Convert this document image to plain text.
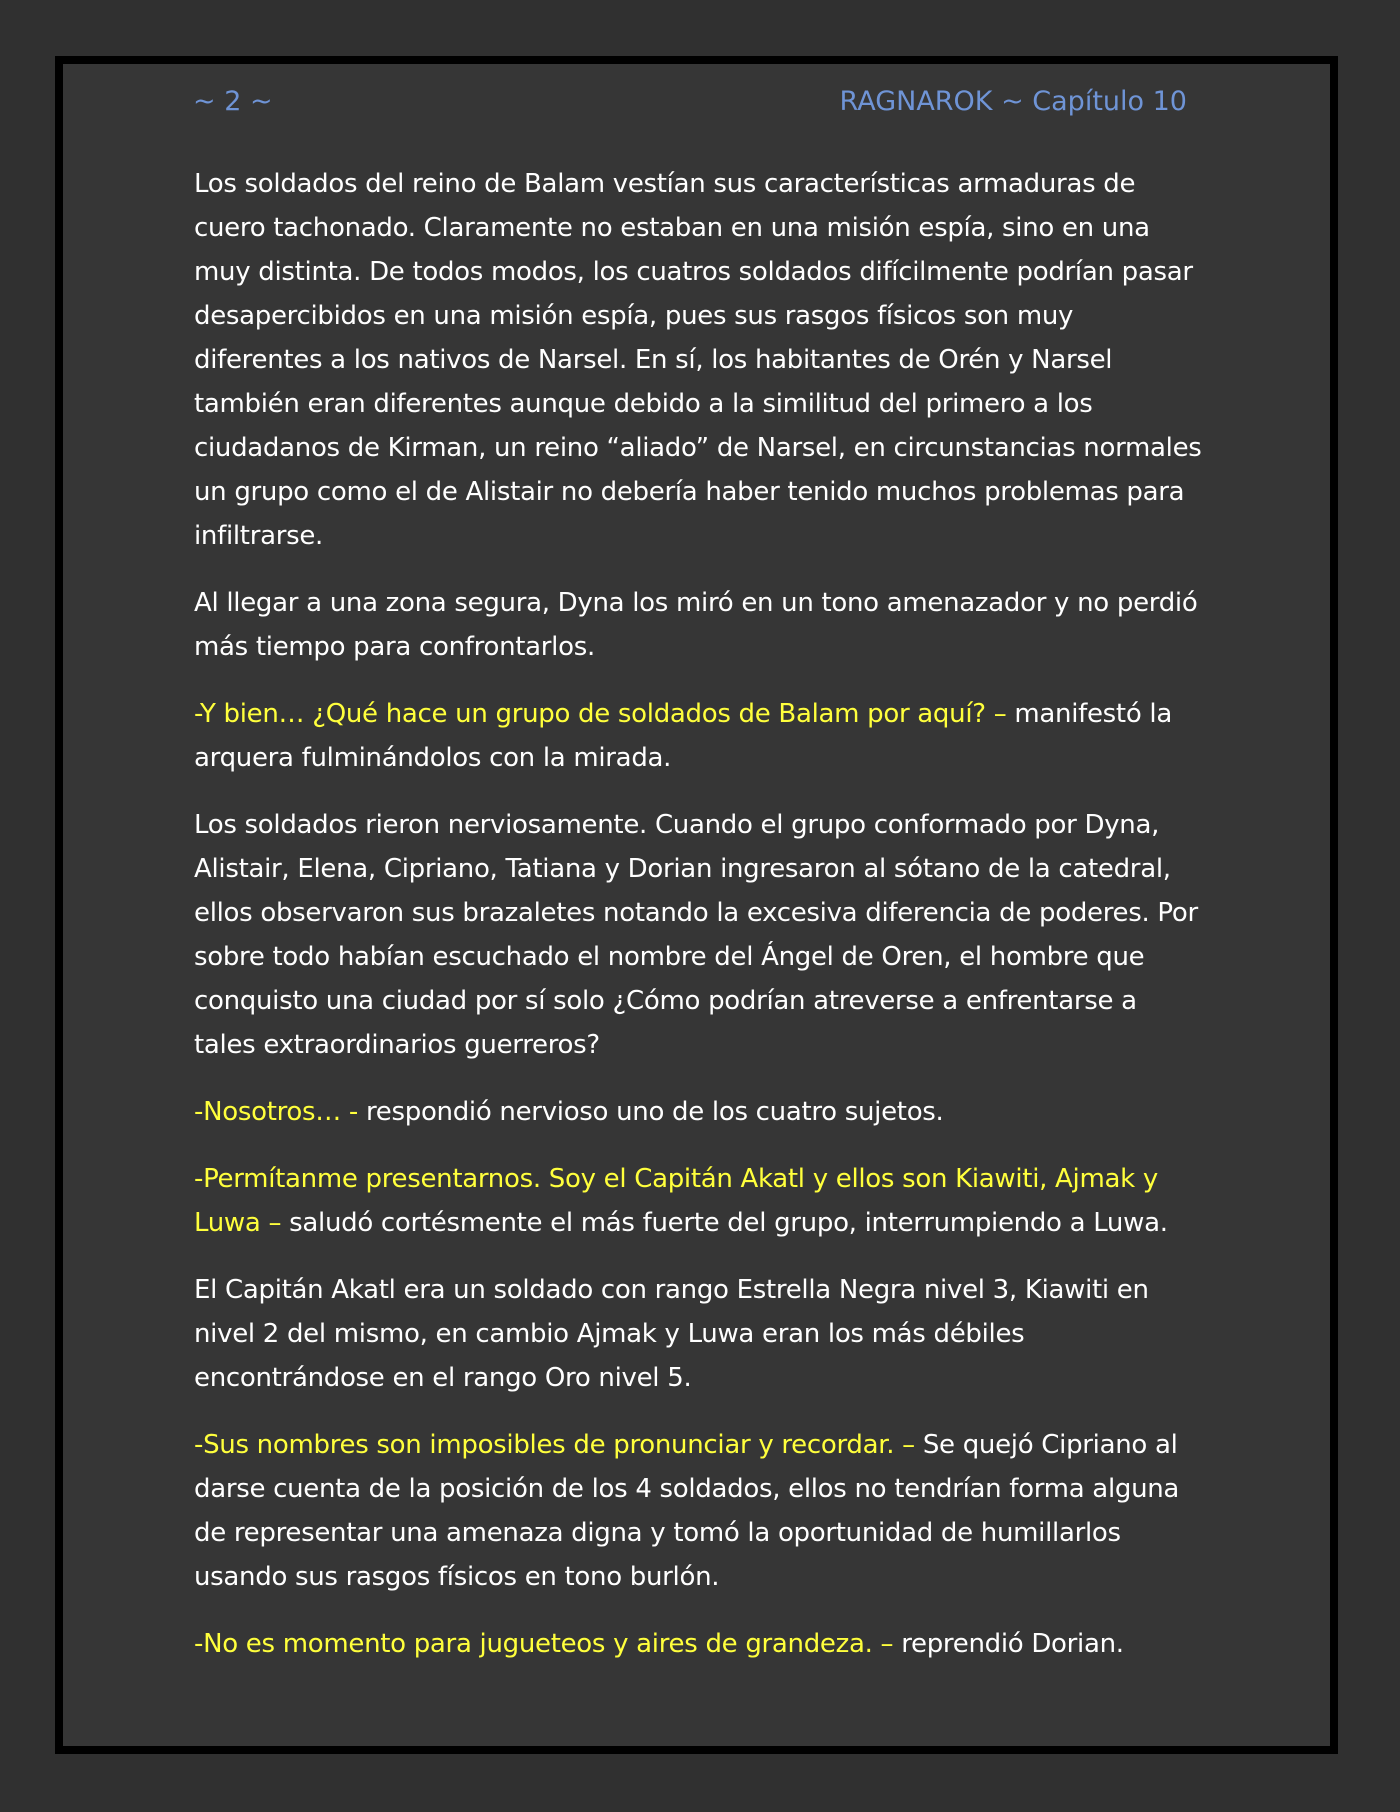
~ 2 ~	RAGNAROK ~ Capítulo 10

Los soldados del reino de Balam vestían sus características armaduras de cuero tachonado. Claramente no estaban en una misión espía, sino en una muy distinta. De todos modos, los cuatros soldados difícilmente podrían pasar desapercibidos en una misión espía, pues sus rasgos físicos son muy diferentes a los nativos de Narsel. En sí, los habitantes de Orén y Narsel también eran diferentes aunque debido a la similitud del primero a los ciudadanos de Kirman, un reino “aliado” de Narsel, en circunstancias normales un grupo como el de Alistair no debería haber tenido muchos problemas para infiltrarse.

Al llegar a una zona segura, Dyna los miró en un tono amenazador y no perdió más tiempo para confrontarlos.

-Y bien… ¿Qué hace un grupo de soldados de Balam por aquí? – manifestó la arquera fulminándolos con la mirada.

Los soldados rieron nerviosamente. Cuando el grupo conformado por Dyna, Alistair, Elena, Cipriano, Tatiana y Dorian ingresaron al sótano de la catedral, ellos observaron sus brazaletes notando la excesiva diferencia de poderes. Por sobre todo habían escuchado el nombre del Ángel de Oren, el hombre que conquisto una ciudad por sí solo ¿Cómo podrían atreverse a enfrentarse a tales extraordinarios guerreros?

-Nosotros… - respondió nervioso uno de los cuatro sujetos.

-Permítanme presentarnos. Soy el Capitán Akatl y ellos son Kiawiti, Ajmak y Luwa – saludó cortésmente el más fuerte del grupo, interrumpiendo a Luwa.

El Capitán Akatl era un soldado con rango Estrella Negra nivel 3, Kiawiti en nivel 2 del mismo, en cambio Ajmak y Luwa eran los más débiles encontrándose en el rango Oro nivel 5.

-Sus nombres son imposibles de pronunciar y recordar. – Se quejó Cipriano al darse cuenta de la posición de los 4 soldados, ellos no tendrían forma alguna de representar una amenaza digna y tomó la oportunidad de humillarlos usando sus rasgos físicos en tono burlón.

-No es momento para jugueteos y aires de grandeza. – reprendió Dorian.
